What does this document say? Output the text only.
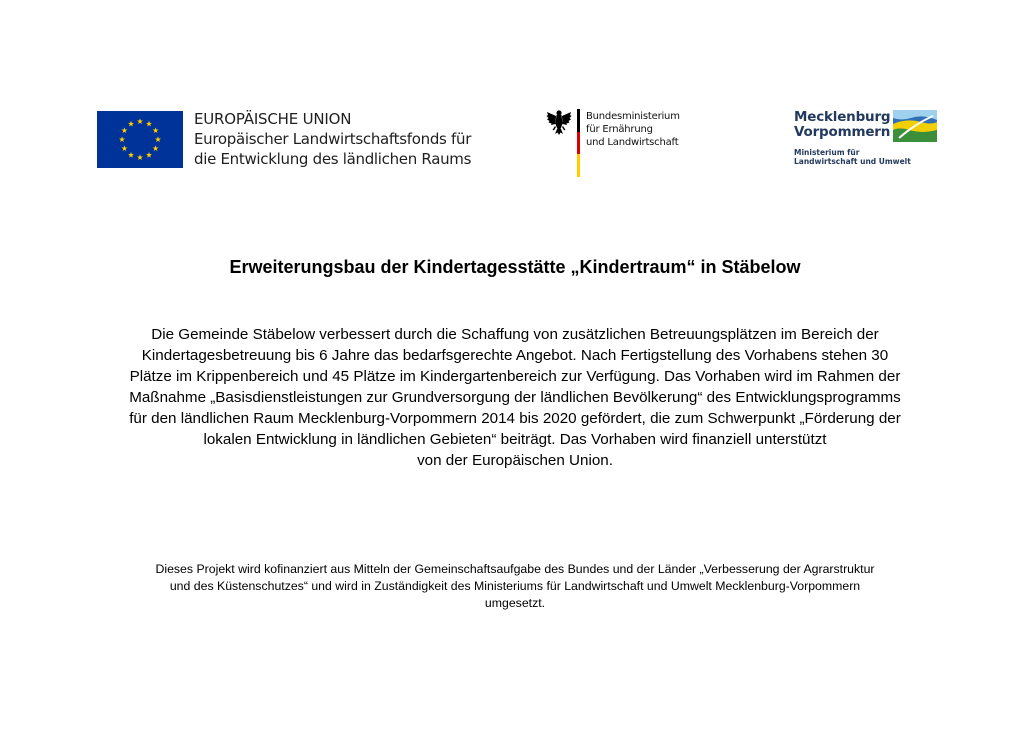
EUROPÄISCHE UNION
Europäischer Landwirtschaftsfonds für
die Entwicklung des ländlichen Raums
Bundesministerium
für Ernährung
und Landwirtschaft
Mecklenburg
Vorpommern
Ministerium für
Landwirtschaft und Umwelt
Erweiterungsbau der Kindertagesstätte „Kindertraum“ in Stäbelow
Die Gemeinde Stäbelow verbessert durch die Schaffung von zusätzlichen Betreuungsplätzen im Bereich der
Kindertagesbetreuung bis 6 Jahre das bedarfsgerechte Angebot. Nach Fertigstellung des Vorhabens stehen 30
Plätze im Krippenbereich und 45 Plätze im Kindergartenbereich zur Verfügung. Das Vorhaben wird im Rahmen der
Maßnahme „Basisdienstleistungen zur Grundversorgung der ländlichen Bevölkerung“ des Entwicklungsprogramms
für den ländlichen Raum Mecklenburg-Vorpommern 2014 bis 2020 gefördert, die zum Schwerpunkt „Förderung der
lokalen Entwicklung in ländlichen Gebieten“ beiträgt. Das Vorhaben wird finanziell unterstützt
von der Europäischen Union.
Dieses Projekt wird kofinanziert aus Mitteln der Gemeinschaftsaufgabe des Bundes und der Länder „Verbesserung der Agrarstruktur
und des Küstenschutzes“ und wird in Zuständigkeit des Ministeriums für Landwirtschaft und Umwelt Mecklenburg-Vorpommern
umgesetzt.
